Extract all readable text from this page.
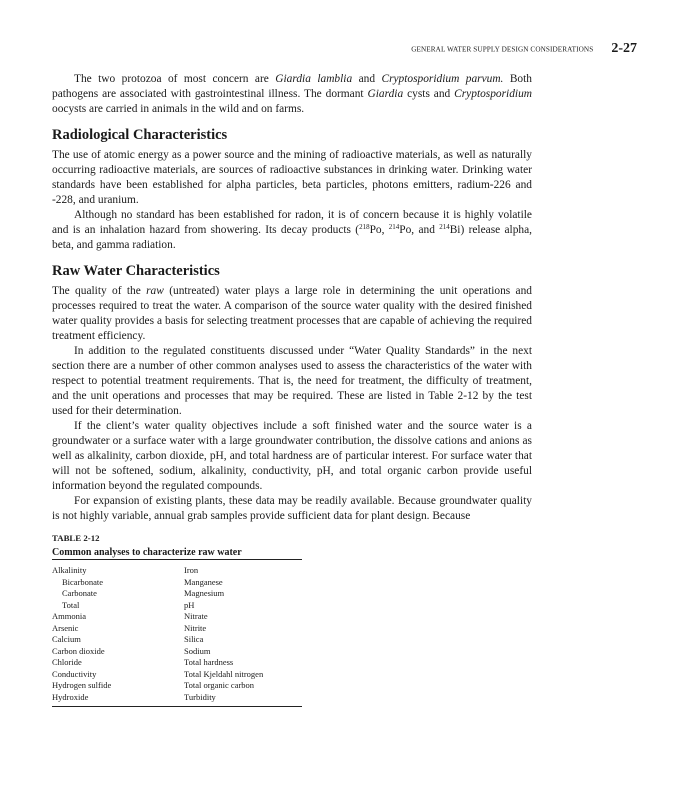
GENERAL WATER SUPPLY DESIGN CONSIDERATIONS 2-27

The two protozoa of most concern are Giardia lamblia and Cryptosporidium parvum. Both pathogens are associated with gastrointestinal illness. The dormant Giardia cysts and Cryptosporidium oocysts are carried in animals in the wild and on farms.

Radiological Characteristics

The use of atomic energy as a power source and the mining of radioactive materials, as well as naturally occurring radioactive materials, are sources of radioactive substances in drinking water. Drinking water standards have been established for alpha particles, beta particles, photons emitters, radium-226 and -228, and uranium.

Although no standard has been established for radon, it is of concern because it is highly volatile and is an inhalation hazard from showering. Its decay products ($^{218}$Po, $^{214}$Po, and $^{214}$Bi) release alpha, beta, and gamma radiation.

Raw Water Characteristics

The quality of the raw (untreated) water plays a large role in determining the unit operations and processes required to treat the water. A comparison of the source water quality with the desired finished water quality provides a basis for selecting treatment processes that are capable of achieving the required treatment efficiency.

In addition to the regulated constituents discussed under “Water Quality Standards” in the next section there are a number of other common analyses used to assess the characteristics of the water with respect to potential treatment requirements. That is, the need for treatment, the difficulty of treatment, and the unit operations and processes that may be required. These are listed in Table 2-12 by the test used for their determination.

If the client’s water quality objectives include a soft finished water and the source water is a groundwater or a surface water with a large groundwater contribution, the dissolve cations and anions as well as alkalinity, carbon dioxide, pH, and total hardness are of particular interest. For surface water that will not be softened, sodium, alkalinity, conductivity, pH, and total organic carbon provide useful information beyond the regulated compounds.

For expansion of existing plants, these data may be readily available. Because groundwater quality is not highly variable, annual grab samples provide sufficient data for plant design. Because

TABLE 2-12
Common analyses to characterize raw water
Alkalinity	Iron
Bicarbonate	Manganese
Carbonate	Magnesium
Total	pH
Ammonia	Nitrate
Arsenic	Nitrite
Calcium	Silica
Carbon dioxide	Sodium
Chloride	Total hardness
Conductivity	Total Kjeldahl nitrogen
Hydrogen sulfide	Total organic carbon
Hydroxide	Turbidity
